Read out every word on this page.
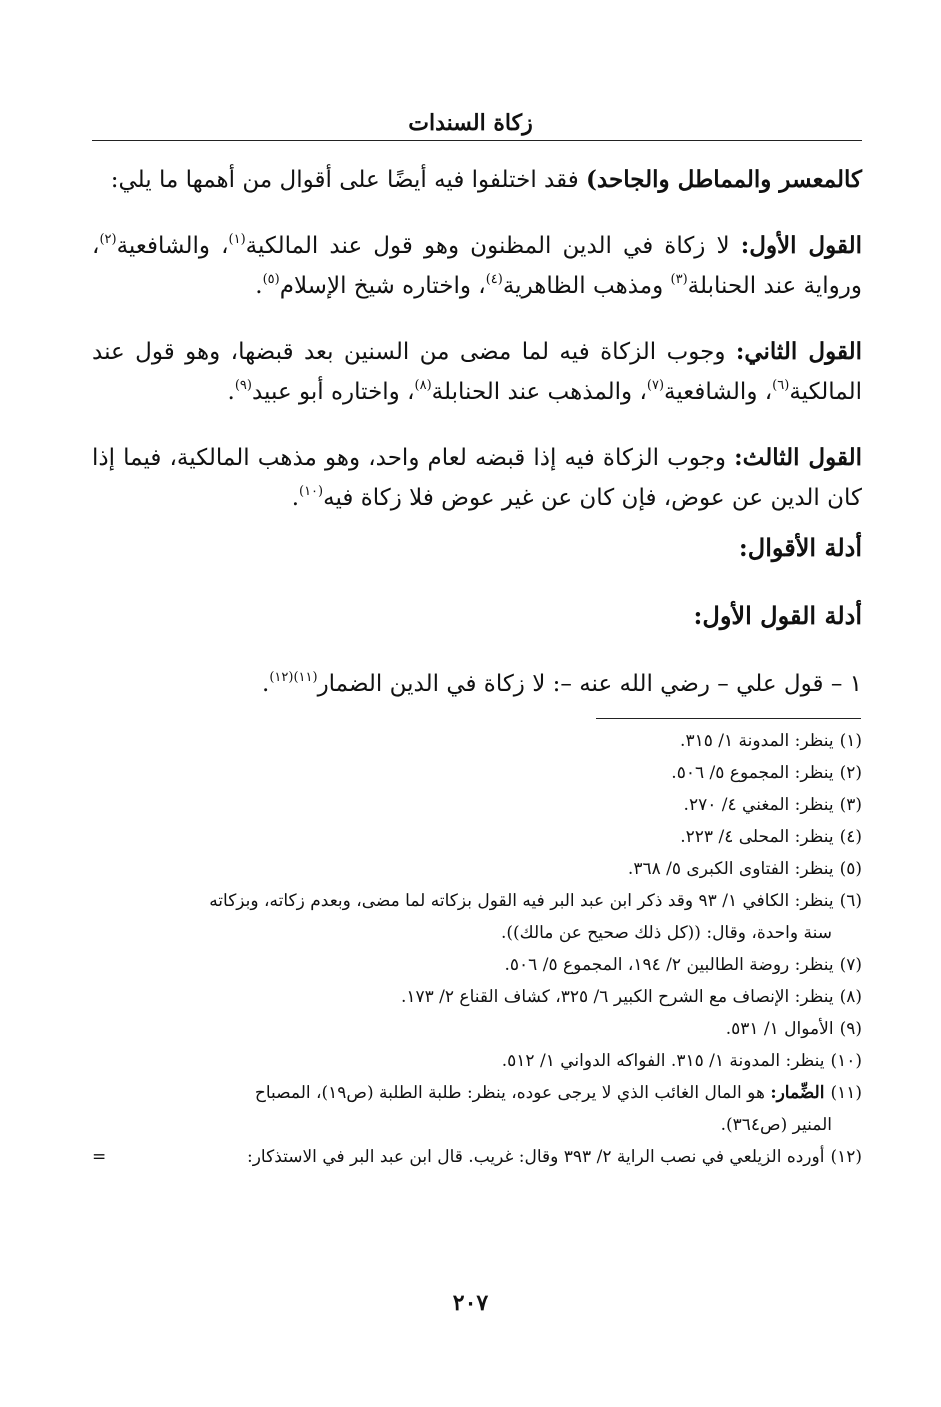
زكاة السندات

كالمعسر والمماطل والجاحد) فقد اختلفوا فيه أيضًا على أقوال من أهمها ما يلي:

القول الأول: لا زكاة في الدين المظنون وهو قول عند المالكية$^{(١)}$، والشافعية$^{(٢)}$، ورواية عند الحنابلة$^{(٣)}$ ومذهب الظاهرية$^{(٤)}$، واختاره شيخ الإسلام$^{(٥)}$.

القول الثاني: وجوب الزكاة فيه لما مضى من السنين بعد قبضها، وهو قول عند المالكية$^{(٦)}$، والشافعية$^{(٧)}$، والمذهب عند الحنابلة$^{(٨)}$، واختاره أبو عبيد$^{(٩)}$.

القول الثالث: وجوب الزكاة فيه إذا قبضه لعام واحد، وهو مذهب المالكية، فيما إذا كان الدين عن عوض، فإن كان عن غير عوض فلا زكاة فيه$^{(١٠)}$.

أدلة الأقوال:
أدلة القول الأول:

١ – قول علي – رضي الله عنه –: لا زكاة في الدين الضمار$^{(١١)(١٢)}$.

(١)ينظر: المدونة ١/ ٣١٥.

(٢)ينظر: المجموع ٥/ ٥٠٦.

(٣)ينظر: المغني ٤/ ٢٧٠.

(٤)ينظر: المحلى ٤/ ٢٢٣.

(٥)ينظر: الفتاوى الكبرى ٥/ ٣٦٨.

(٦)ينظر: الكافي ١/ ٩٣ وقد ذكر ابن عبد البر فيه القول بزكاته لما مضى، وبعدم زكاته، وبزكاته
سنة واحدة، وقال: ((كل ذلك صحيح عن مالك)).

(٧)ينظر: روضة الطالبين ٢/ ١٩٤، المجموع ٥/ ٥٠٦.

(٨)ينظر: الإنصاف مع الشرح الكبير ٦/ ٣٢٥، كشاف القناع ٢/ ١٧٣.

(٩)الأموال ١/ ٥٣١.

(١٠)ينظر: المدونة ١/ ٣١٥. الفواكه الدواني ١/ ٥١٢.

(١١)الضِّمار: هو المال الغائب الذي لا يرجى عوده، ينظر: طلبة الطلبة (ص١٩)، المصباح
المنير (ص٣٦٤).

=	(١٢)أورده الزيلعي في نصب الراية ٢/ ٣٩٣ وقال: غريب. قال ابن عبد البر في الاستذكار:

٢٠٧
